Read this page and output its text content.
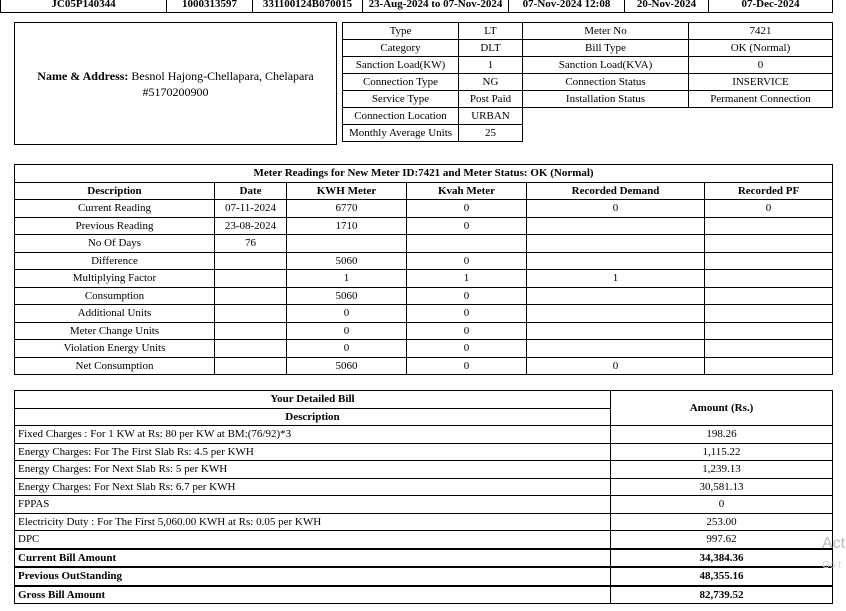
JC05P140344	1000313597	331100124B070015	23-Aug-2024 to 07-Nov-2024	07-Nov-2024 12:08	20-Nov-2024	07-Dec-2024
Name & Address: Besnol Hajong-Chellapara, Chelapara #5170200900
Type	LT	Meter No	7421
Category	DLT	Bill Type	OK (Normal)
Sanction Load(KW)	1	Sanction Load(KVA)	0
Connection Type	NG	Connection Status	INSERVICE
Service Type	Post Paid	Installation Status	Permanent Connection
Connection Location	URBAN		
Monthly Average Units	25		
Meter Readings for New Meter ID:7421 and Meter Status: OK (Normal)					
Description	Date	KWH Meter	Kvah Meter	Recorded Demand	Recorded PF
Current Reading	07-11-2024	6770	0	0	0
Previous Reading	23-08-2024	1710	0		
No Of Days	76				
Difference		5060	0		
Multiplying Factor		1	1	1	
Consumption		5060	0		
Additional Units		0	0		
Meter Change Units		0	0		
Violation Energy Units		0	0		
Net Consumption		5060	0	0	
Your Detailed Bill	Amount (Rs.)
Description	
Fixed Charges : For 1 KW at Rs: 80 per KW at BM:(76/92)*3	198.26
Energy Charges: For The First Slab Rs: 4.5 per KWH	1,115.22
Energy Charges: For Next Slab Rs: 5 per KWH	1,239.13
Energy Charges: For Next Slab Rs: 6.7 per KWH	30,581.13
FPPAS	0
Electricity Duty : For The First 5,060.00 KWH at Rs: 0.05 per KWH	253.00
DPC	997.62
Current Bill Amount	34,384.36
Previous OutStanding	48,355.16
Gross Bill Amount	82,739.52
Act
Go t
